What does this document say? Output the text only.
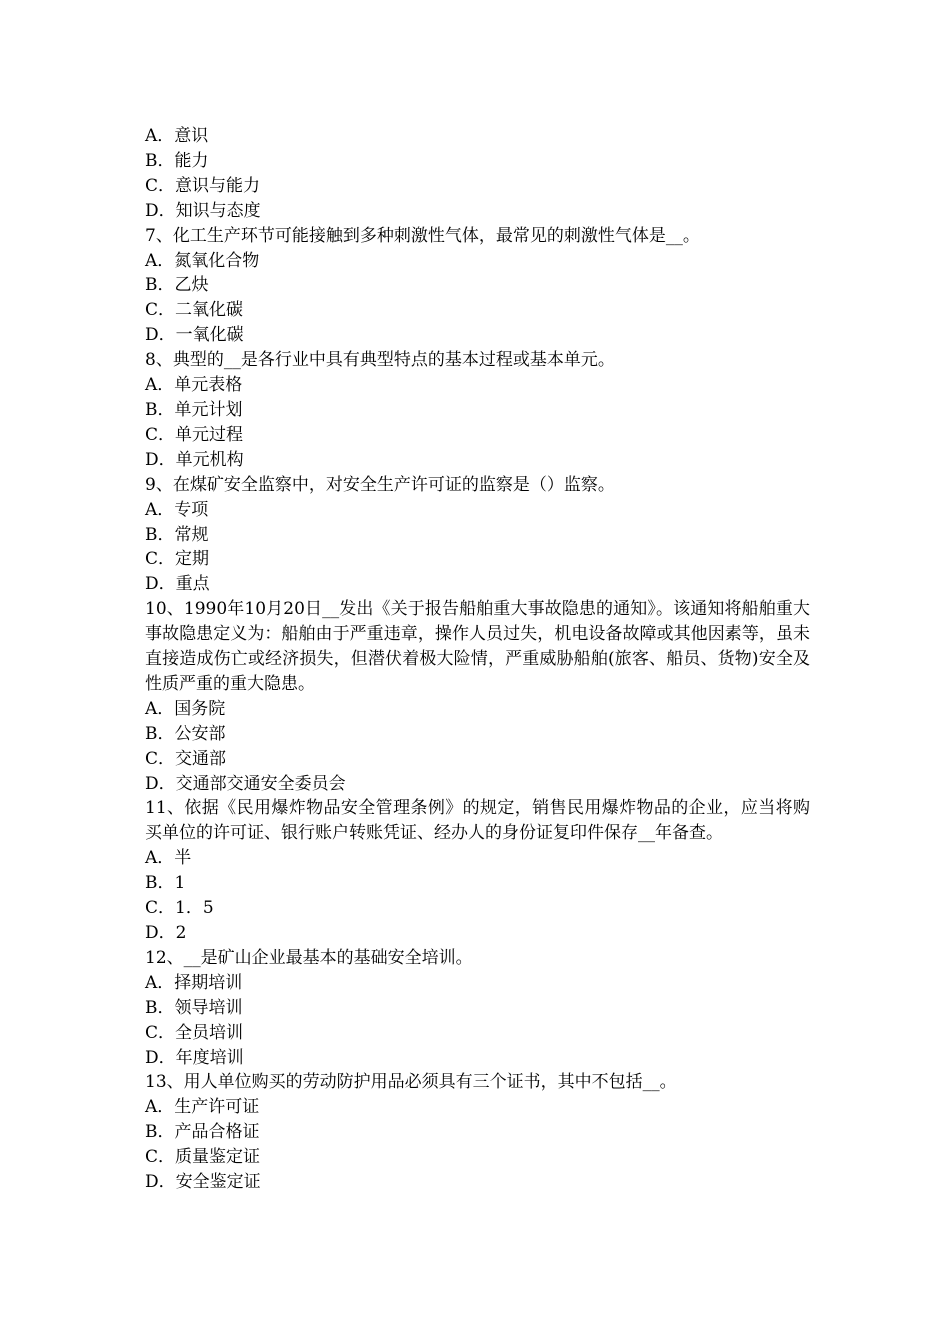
A．意识
B．能力
C．意识与能力
D．知识与态度
7、化工生产环节可能接触到多种刺激性气体，最常见的刺激性气体是__。
A．氮氧化合物
B．乙炔
C．二氧化碳
D．一氧化碳
8、典型的__是各行业中具有典型特点的基本过程或基本单元。
A．单元表格
B．单元计划
C．单元过程
D．单元机构
9、在煤矿安全监察中，对安全生产许可证的监察是（）监察。
A．专项
B．常规
C．定期
D．重点
10、1990年10月20日__发出《关于报告船舶重大事故隐患的通知》。该通知将船舶重大事故隐患定义为：船舶由于严重违章，操作人员过失，机电设备故障或其他因素等，虽未直接造成伤亡或经济损失，但潜伏着极大险情，严重威胁船舶(旅客、船员、货物)安全及性质严重的重大隐患。
A．国务院
B．公安部
C．交通部
D．交通部交通安全委员会
11、依据《民用爆炸物品安全管理条例》的规定，销售民用爆炸物品的企业，应当将购买单位的许可证、银行账户转账凭证、经办人的身份证复印件保存__年备查。
A．半
B．1
C．1．5
D．2
12、__是矿山企业最基本的基础安全培训。
A．择期培训
B．领导培训
C．全员培训
D．年度培训
13、用人单位购买的劳动防护用品必须具有三个证书，其中不包括__。
A．生产许可证
B．产品合格证
C．质量鉴定证
D．安全鉴定证
